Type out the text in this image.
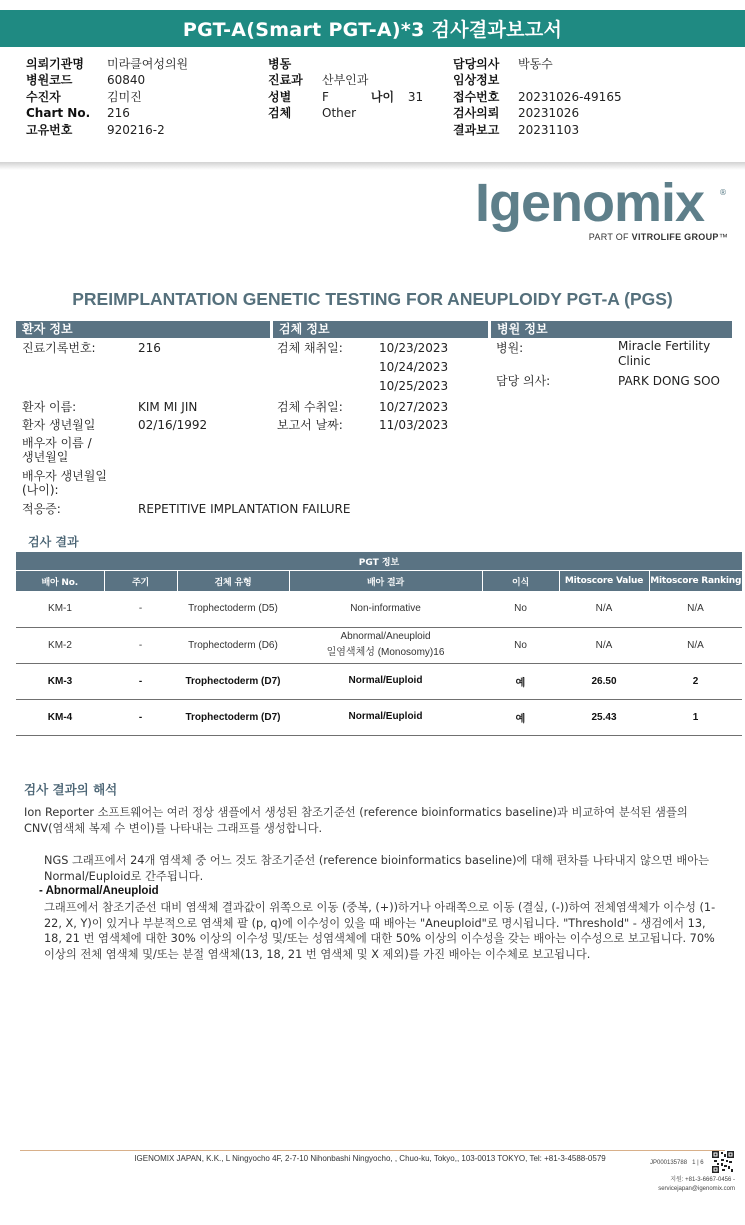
PGT-A(Smart PGT-A)*3 검사결과보고서
의뢰기관명	미라클여성의원
병원코드	60840
수진자	김미진
Chart No.	216
고유번호	920216-2
병동
진료과	산부인과
성별	F	나이	31
검체	Other
담당의사	박동수
임상정보
접수번호	20231026-49165
검사의뢰	20231026
결과보고	20231103
Igenomix ®
PART OF VITROLIFE GROUP™
PREIMPLANTATION GENETIC TESTING FOR ANEUPLOIDY PGT-A (PGS)
환자 정보	검체 정보	병원 정보
진료기록번호:	216
환자 이름:	KIM MI JIN
환자 생년월일	02/16/1992
배우자 이름 /
생년월일
배우자 생년월일
(나이):
적응증:	REPETITIVE IMPLANTATION FAILURE
검체 채취일:	10/23/2023
10/24/2023
10/25/2023
검체 수취일:	10/27/2023
보고서 날짜:	11/03/2023
병원:	Miracle Fertility
Clinic
담당 의사:	PARK DONG SOO
검사 결과
PGT 정보
배아 No.	주기	검체 유형	배아 결과	이식	Mitoscore Value	Mitoscore Ranking
KM-1	-	Trophectoderm (D5)	Non-informative	No	N/A	N/A
KM-2	-	Trophectoderm (D6)	Abnormal/Aneuploid
일염색체성 (Monosomy)16	No	N/A	N/A
KM-3	-	Trophectoderm (D7)	Normal/Euploid	예	26.50	2
KM-4	-	Trophectoderm (D7)	Normal/Euploid	예	25.43	1
검사 결과의 해석
Ion Reporter 소프트웨어는 여러 정상 샘플에서 생성된 참조기준선 (reference bioinformatics baseline)과 비교하여 분석된 샘플의 CNV(염색체 복제 수 변이)를 나타내는 그래프를 생성합니다.
NGS 그래프에서 24개 염색체 중 어느 것도 참조기준선 (reference bioinformatics baseline)에 대해 편차를 나타내지 않으면 배아는 Normal/Euploid로 간주됩니다.
- Abnormal/Aneuploid
그래프에서 참조기준선 대비 염색체 결과값이 위쪽으로 이동 (중복, (+))하거나 아래쪽으로 이동 (결실, (-))하여 전체염색체가 이수성 (1-22, X, Y)이 있거나 부분적으로 염색체 팔 (p, q)에 이수성이 있을 때 배아는 "Aneuploid"로 명시됩니다. "Threshold" - 생검에서 13, 18, 21 번 염색체에 대한 30% 이상의 이수성 및/또는 성염색체에 대한 50% 이상의 이수성을 갖는 배아는 이수성으로 보고됩니다. 70% 이상의 전체 염색체 및/또는 분절 염색체(13, 18, 21 번 염색체 및 X 제외)를 가진 배아는 이수체로 보고됩니다.
IGENOMIX JAPAN, K.K., L Ningyocho 4F, 2-7-10 Nihonbashi Ningyocho, , Chuo-ku, Tokyo,, 103-0013 TOKYO, Tel: +81-3-4588-0579	JP000135788 1 | 6
지원: +81-3-6667-0456 -
servicejapan@igenomix.com
